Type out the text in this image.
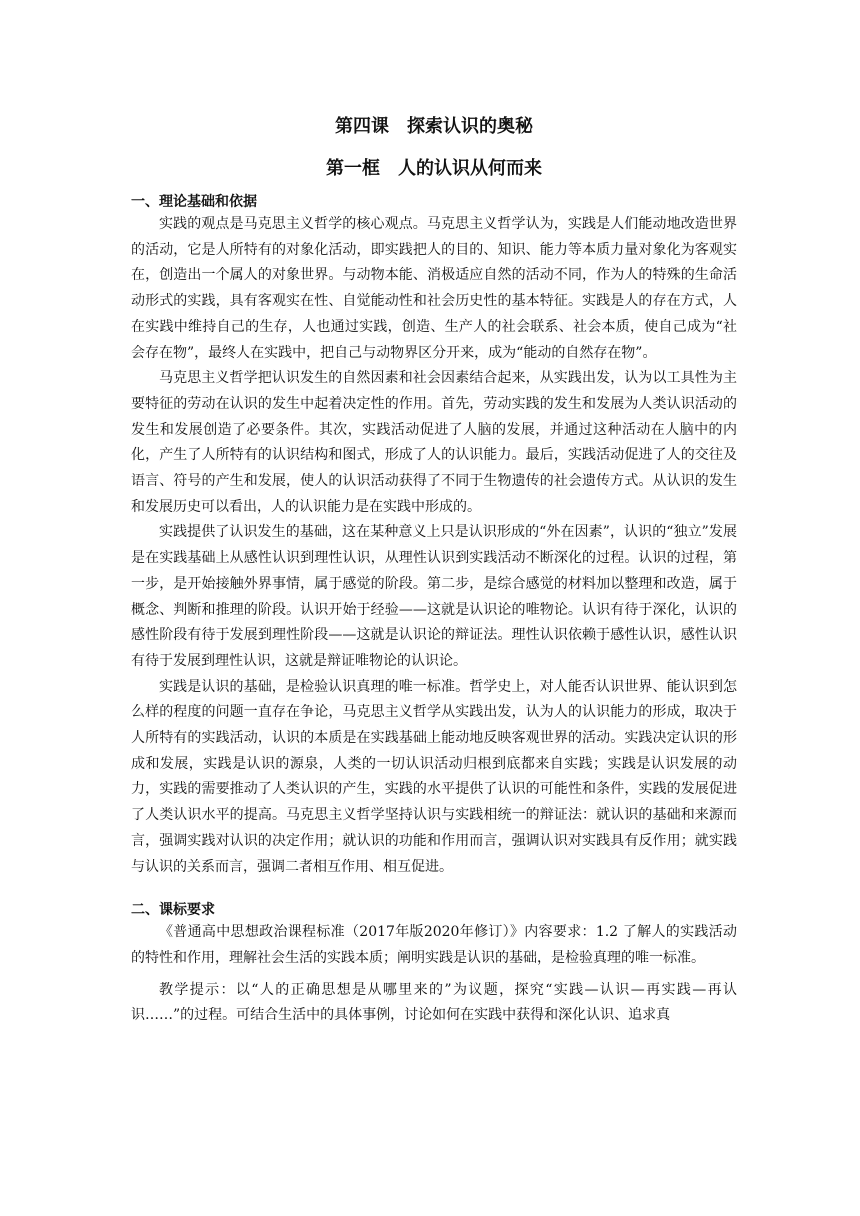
第四课　探索认识的奥秘
第一框　人的认识从何而来
一、理论基础和依据

实践的观点是马克思主义哲学的核心观点。马克思主义哲学认为，实践是人们能动地改造世界的活动，它是人所特有的对象化活动，即实践把人的目的、知识、能力等本质力量对象化为客观实在，创造出一个属人的对象世界。与动物本能、消极适应自然的活动不同，作为人的特殊的生命活动形式的实践，具有客观实在性、自觉能动性和社会历史性的基本特征。实践是人的存在方式，人在实践中维持自己的生存，人也通过实践，创造、生产人的社会联系、社会本质，使自己成为“社会存在物”，最终人在实践中，把自己与动物界区分开来，成为“能动的自然存在物”。

马克思主义哲学把认识发生的自然因素和社会因素结合起来，从实践出发，认为以工具性为主要特征的劳动在认识的发生中起着决定性的作用。首先，劳动实践的发生和发展为人类认识活动的发生和发展创造了必要条件。其次，实践活动促进了人脑的发展，并通过这种活动在人脑中的内化，产生了人所特有的认识结构和图式，形成了人的认识能力。最后，实践活动促进了人的交往及语言、符号的产生和发展，使人的认识活动获得了不同于生物遗传的社会遗传方式。从认识的发生和发展历史可以看出，人的认识能力是在实践中形成的。

实践提供了认识发生的基础，这在某种意义上只是认识形成的“外在因素”，认识的“独立”发展是在实践基础上从感性认识到理性认识，从理性认识到实践活动不断深化的过程。认识的过程，第一步，是开始接触外界事情，属于感觉的阶段。第二步，是综合感觉的材料加以整理和改造，属于概念、判断和推理的阶段。认识开始于经验——这就是认识论的唯物论。认识有待于深化，认识的感性阶段有待于发展到理性阶段——这就是认识论的辩证法。理性认识依赖于感性认识，感性认识有待于发展到理性认识，这就是辩证唯物论的认识论。

实践是认识的基础，是检验认识真理的唯一标准。哲学史上，对人能否认识世界、能认识到怎么样的程度的问题一直存在争论，马克思主义哲学从实践出发，认为人的认识能力的形成，取决于人所特有的实践活动，认识的本质是在实践基础上能动地反映客观世界的活动。实践决定认识的形成和发展，实践是认识的源泉，人类的一切认识活动归根到底都来自实践；实践是认识发展的动力，实践的需要推动了人类认识的产生，实践的水平提供了认识的可能性和条件，实践的发展促进了人类认识水平的提高。马克思主义哲学坚持认识与实践相统一的辩证法：就认识的基础和来源而言，强调实践对认识的决定作用；就认识的功能和作用而言，强调认识对实践具有反作用；就实践与认识的关系而言，强调二者相互作用、相互促进。

二、课标要求

《普通高中思想政治课程标准（2017年版2020年修订）》内容要求：1.2 了解人的实践活动的特性和作用，理解社会生活的实践本质；阐明实践是认识的基础，是检验真理的唯一标准。

教学提示：以“人的正确思想是从哪里来的”为议题，探究“实践—认识—再实践—再认识……”的过程。可结合生活中的具体事例，讨论如何在实践中获得和深化认识、追求真
